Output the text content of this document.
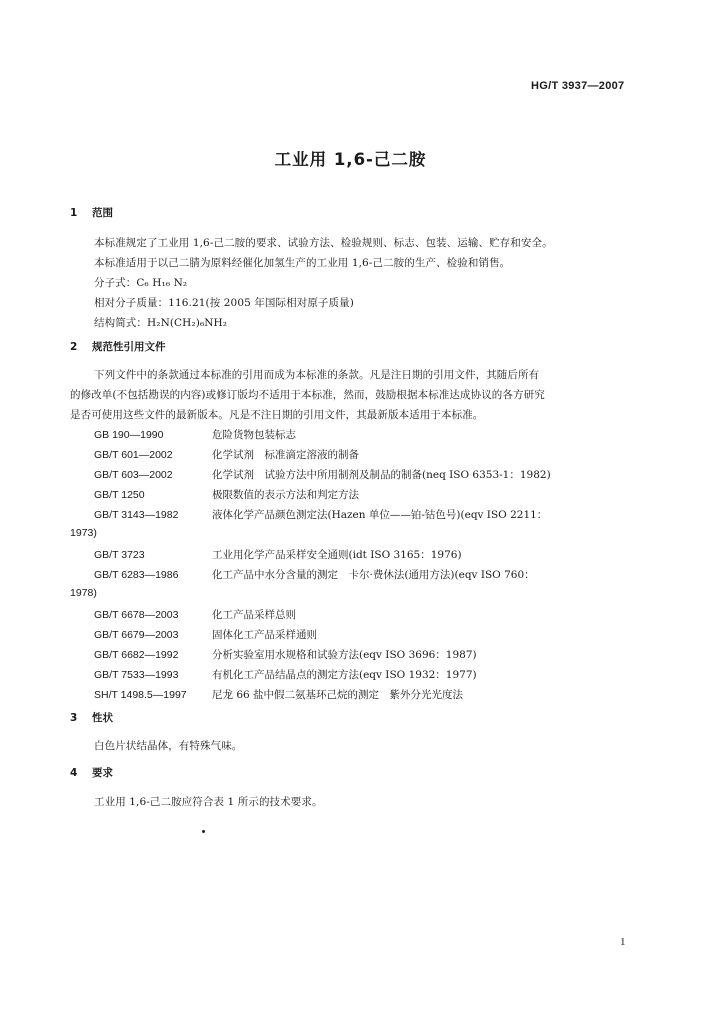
HG/T 3937—2007
工业用 1,6-己二胺
1 范围
本标准规定了工业用 1,6-己二胺的要求、试验方法、检验规则、标志、包装、运输、贮存和安全。
本标准适用于以己二腈为原料经催化加氢生产的工业用 1,6-己二胺的生产、检验和销售。
分子式：C₆ H₁₆ N₂
相对分子质量：116.21(按 2005 年国际相对原子质量)
结构简式：H₂N(CH₂)₆NH₂
2 规范性引用文件
下列文件中的条款通过本标准的引用而成为本标准的条款。凡是注日期的引用文件，其随后所有
的修改单(不包括勘误的内容)或修订版均不适用于本标准，然而，鼓励根据本标准达成协议的各方研究
是否可使用这些文件的最新版本。凡是不注日期的引用文件，其最新版本适用于本标准。
GB 190—1990	危险货物包装标志
GB/T 601—2002	化学试剂　标准滴定溶液的制备
GB/T 603—2002	化学试剂　试验方法中所用制剂及制品的制备(neq ISO 6353-1：1982)
GB/T 1250	极限数值的表示方法和判定方法
GB/T 3143—1982	液体化学产品颜色测定法(Hazen 单位——铂-钴色号)(eqv ISO 2211：
1973)
GB/T 3723	工业用化学产品采样安全通则(idt ISO 3165：1976)
GB/T 6283—1986	化工产品中水分含量的测定　卡尔·费休法(通用方法)(eqv ISO 760：
1978)
GB/T 6678—2003	化工产品采样总则
GB/T 6679—2003	固体化工产品采样通则
GB/T 6682—1992	分析实验室用水规格和试验方法(eqv ISO 3696：1987)
GB/T 7533—1993	有机化工产品结晶点的测定方法(eqv ISO 1932：1977)
SH/T 1498.5—1997 尼龙 66 盐中假二氨基环己烷的测定　紫外分光光度法
3 性状
白色片状结晶体，有特殊气味。
4 要求
工业用 1,6-己二胺应符合表 1 所示的技术要求。
1
